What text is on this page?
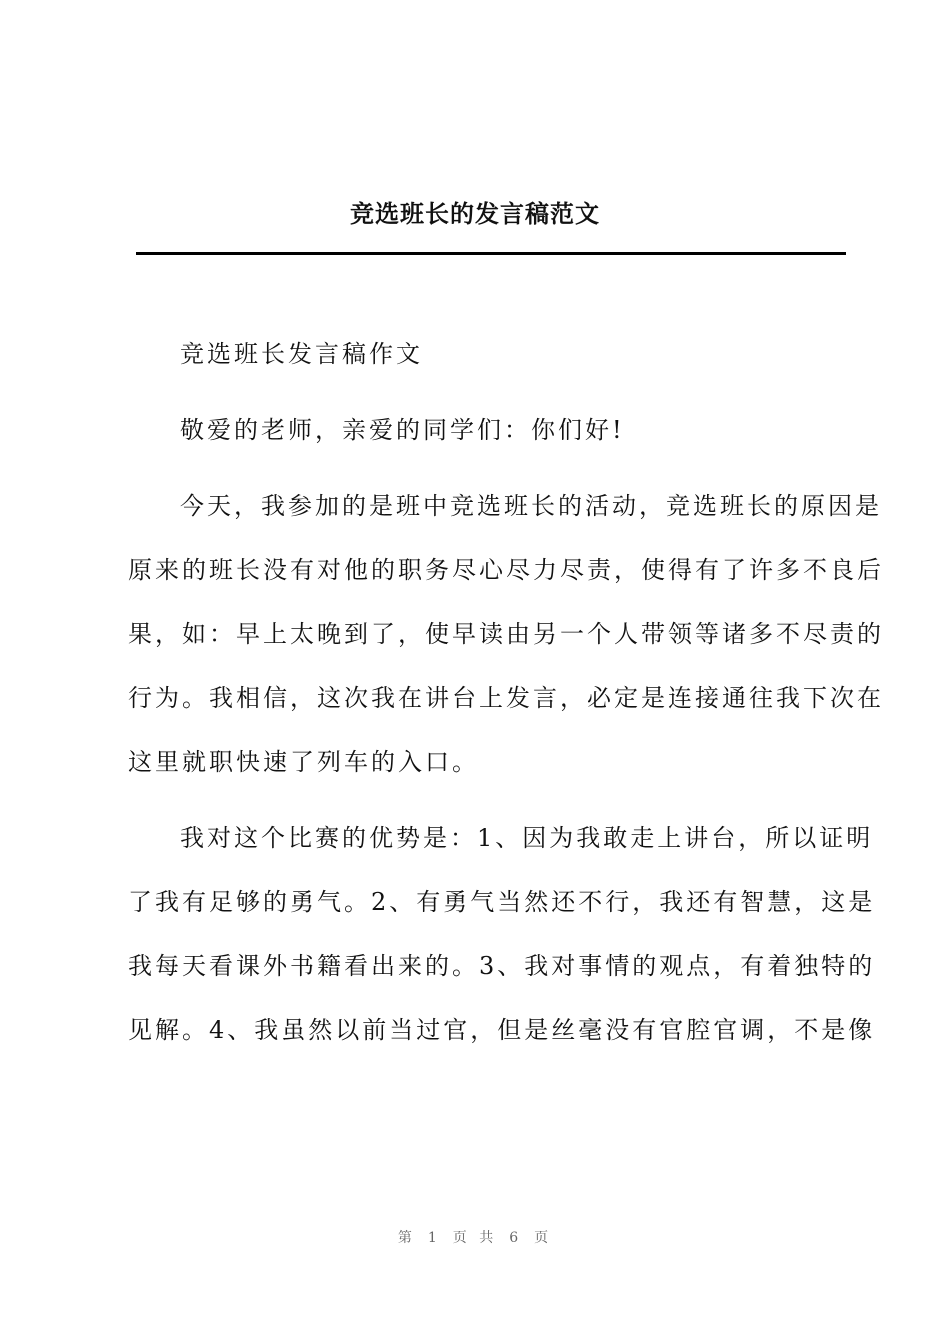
竞选班长的发言稿范文
竞选班长发言稿作文
敬爱的老师，亲爱的同学们：你们好!
今天，我参加的是班中竞选班长的活动，竞选班长的原因是
原来的班长没有对他的职务尽心尽力尽责，使得有了许多不良后
果，如：早上太晚到了，使早读由另一个人带领等诸多不尽责的
行为。我相信，这次我在讲台上发言，必定是连接通往我下次在
这里就职快速了列车的入口。
我对这个比赛的优势是：1、因为我敢走上讲台，所以证明
了我有足够的勇气。2、有勇气当然还不行，我还有智慧，这是
我每天看课外书籍看出来的。3、我对事情的观点，有着独特的
见解。4、我虽然以前当过官，但是丝毫没有官腔官调，不是像
第 1 页 共 6 页
